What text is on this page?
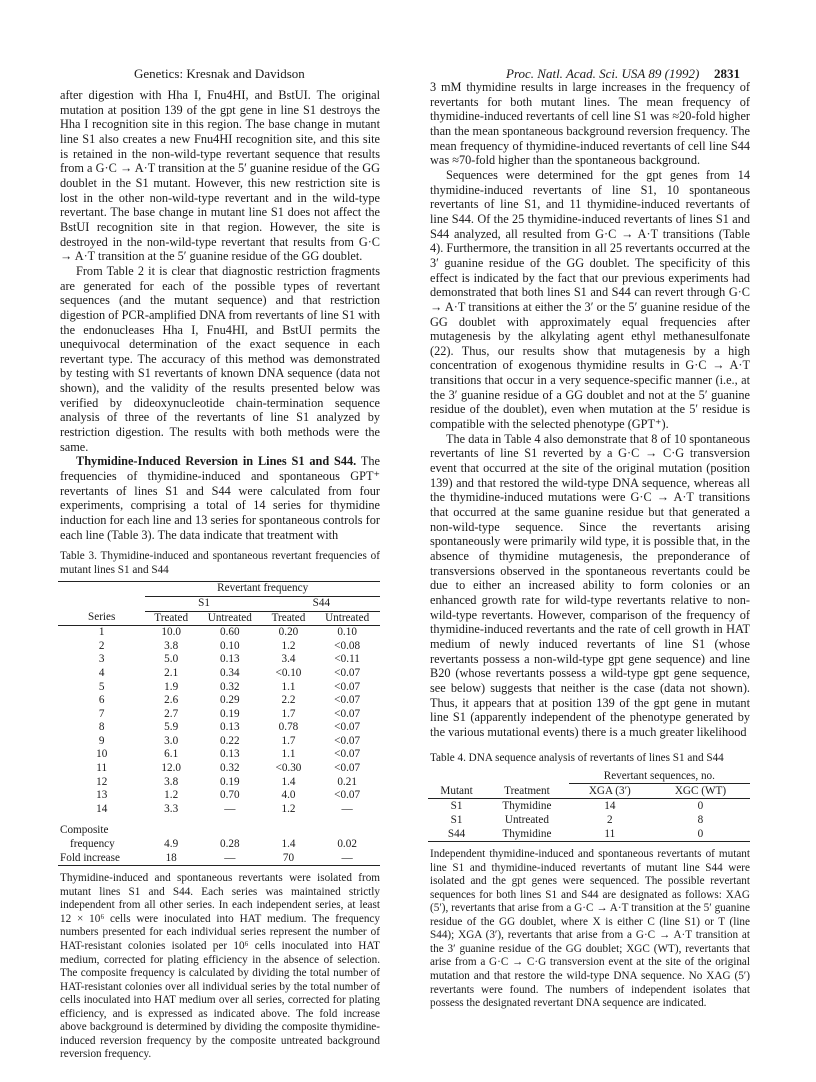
Genetics: Kresnak and Davidson	Proc. Natl. Acad. Sci. USA 89 (1992) 2831

after digestion with Hha I, Fnu4HI, and BstUI. The original mutation at position 139 of the gpt gene in line S1 destroys the Hha I recognition site in this region. The base change in mutant line S1 also creates a new Fnu4HI recognition site, and this site is retained in the non-wild-type revertant sequence that results from a G·C → A·T transition at the 5′ guanine residue of the GG doublet in the S1 mutant. However, this new restriction site is lost in the other non-wild-type revertant and in the wild-type revertant. The base change in mutant line S1 does not affect the BstUI recognition site in that region. However, the site is destroyed in the non-wild-type revertant that results from G·C → A·T transition at the 5′ guanine residue of the GG doublet.

From Table 2 it is clear that diagnostic restriction fragments are generated for each of the possible types of revertant sequences (and the mutant sequence) and that restriction digestion of PCR-amplified DNA from revertants of line S1 with the endonucleases Hha I, Fnu4HI, and BstUI permits the unequivocal determination of the exact sequence in each revertant type. The accuracy of this method was demonstrated by testing with S1 revertants of known DNA sequence (data not shown), and the validity of the results presented below was verified by dideoxynucleotide chain-termination sequence analysis of three of the revertants of line S1 analyzed by restriction digestion. The results with both methods were the same.

Thymidine-Induced Reversion in Lines S1 and S44. The frequencies of thymidine-induced and spontaneous GPT⁺ revertants of lines S1 and S44 were calculated from four experiments, comprising a total of 14 series for thymidine induction for each line and 13 series for spontaneous controls for each line (Table 3). The data indicate that treatment with

Table 3. Thymidine-induced and spontaneous revertant frequencies of mutant lines S1 and S44
	Revertant frequency			
	S1		S44	
Series	Treated	Untreated	Treated	Untreated
1	10.0	0.60	0.20	0.10
2	3.8	0.10	1.2	<0.08
3	5.0	0.13	3.4	<0.11
4	2.1	0.34	<0.10	<0.07
5	1.9	0.32	1.1	<0.07
6	2.6	0.29	2.2	<0.07
7	2.7	0.19	1.7	<0.07
8	5.9	0.13	0.78	<0.07
9	3.0	0.22	1.7	<0.07
10	6.1	0.13	1.1	<0.07
11	12.0	0.32	<0.30	<0.07
12	3.8	0.19	1.4	0.21
13	1.2	0.70	4.0	<0.07
14	3.3	—	1.2	—

Composite				
frequency	4.9	0.28	1.4	0.02
Fold increase	18	—	70	—
Thymidine-induced and spontaneous revertants were isolated from mutant lines S1 and S44. Each series was maintained strictly independent from all other series. In each independent series, at least 12 × 10⁶ cells were inoculated into HAT medium. The frequency numbers presented for each individual series represent the number of HAT-resistant colonies isolated per 10⁶ cells inoculated into HAT medium, corrected for plating efficiency in the absence of selection. The composite frequency is calculated by dividing the total number of HAT-resistant colonies over all individual series by the total number of cells inoculated into HAT medium over all series, corrected for plating efficiency, and is expressed as indicated above. The fold increase above background is determined by dividing the composite thymidine-induced reversion frequency by the composite untreated background reversion frequency.

3 mM thymidine results in large increases in the frequency of revertants for both mutant lines. The mean frequency of thymidine-induced revertants of cell line S1 was ≈20-fold higher than the mean spontaneous background reversion frequency. The mean frequency of thymidine-induced revertants of cell line S44 was ≈70-fold higher than the spontaneous background.

Sequences were determined for the gpt genes from 14 thymidine-induced revertants of line S1, 10 spontaneous revertants of line S1, and 11 thymidine-induced revertants of line S44. Of the 25 thymidine-induced revertants of lines S1 and S44 analyzed, all resulted from G·C → A·T transitions (Table 4). Furthermore, the transition in all 25 revertants occurred at the 3′ guanine residue of the GG doublet. The specificity of this effect is indicated by the fact that our previous experiments had demonstrated that both lines S1 and S44 can revert through G·C → A·T transitions at either the 3′ or the 5′ guanine residue of the GG doublet with approximately equal frequencies after mutagenesis by the alkylating agent ethyl methanesulfonate (22). Thus, our results show that mutagenesis by a high concentration of exogenous thymidine results in G·C → A·T transitions that occur in a very sequence-specific manner (i.e., at the 3′ guanine residue of a GG doublet and not at the 5′ guanine residue of the doublet), even when mutation at the 5′ residue is compatible with the selected phenotype (GPT⁺).

The data in Table 4 also demonstrate that 8 of 10 spontaneous revertants of line S1 reverted by a G·C → C·G transversion event that occurred at the site of the original mutation (position 139) and that restored the wild-type DNA sequence, whereas all the thymidine-induced mutations were G·C → A·T transitions that occurred at the same guanine residue but that generated a non-wild-type sequence. Since the revertants arising spontaneously were primarily wild type, it is possible that, in the absence of thymidine mutagenesis, the preponderance of transversions observed in the spontaneous revertants could be due to either an increased ability to form colonies or an enhanced growth rate for wild-type revertants relative to non-wild-type revertants. However, comparison of the frequency of thymidine-induced revertants and the rate of cell growth in HAT medium of newly induced revertants of line S1 (whose revertants possess a non-wild-type gpt gene sequence) and line B20 (whose revertants possess a wild-type gpt gene sequence, see below) suggests that neither is the case (data not shown). Thus, it appears that at position 139 of the gpt gene in mutant line S1 (apparently independent of the phenotype generated by the various mutational events) there is a much greater likelihood

Table 4. DNA sequence analysis of revertants of lines S1 and S44
		Revertant sequences, no.	
Mutant	Treatment	XGA (3′)	XGC (WT)
S1	Thymidine	14	0
S1	Untreated	2	8
S44	Thymidine	11	0
Independent thymidine-induced and spontaneous revertants of mutant line S1 and thymidine-induced revertants of mutant line S44 were isolated and the gpt genes were sequenced. The possible revertant sequences for both lines S1 and S44 are designated as follows: XAG (5′), revertants that arise from a G·C → A·T transition at the 5′ guanine residue of the GG doublet, where X is either C (line S1) or T (line S44); XGA (3′), revertants that arise from a G·C → A·T transition at the 3′ guanine residue of the GG doublet; XGC (WT), revertants that arise from a G·C → C·G transversion event at the site of the original mutation and that restore the wild-type DNA sequence. No XAG (5′) revertants were found. The numbers of independent isolates that possess the designated revertant DNA sequence are indicated.
